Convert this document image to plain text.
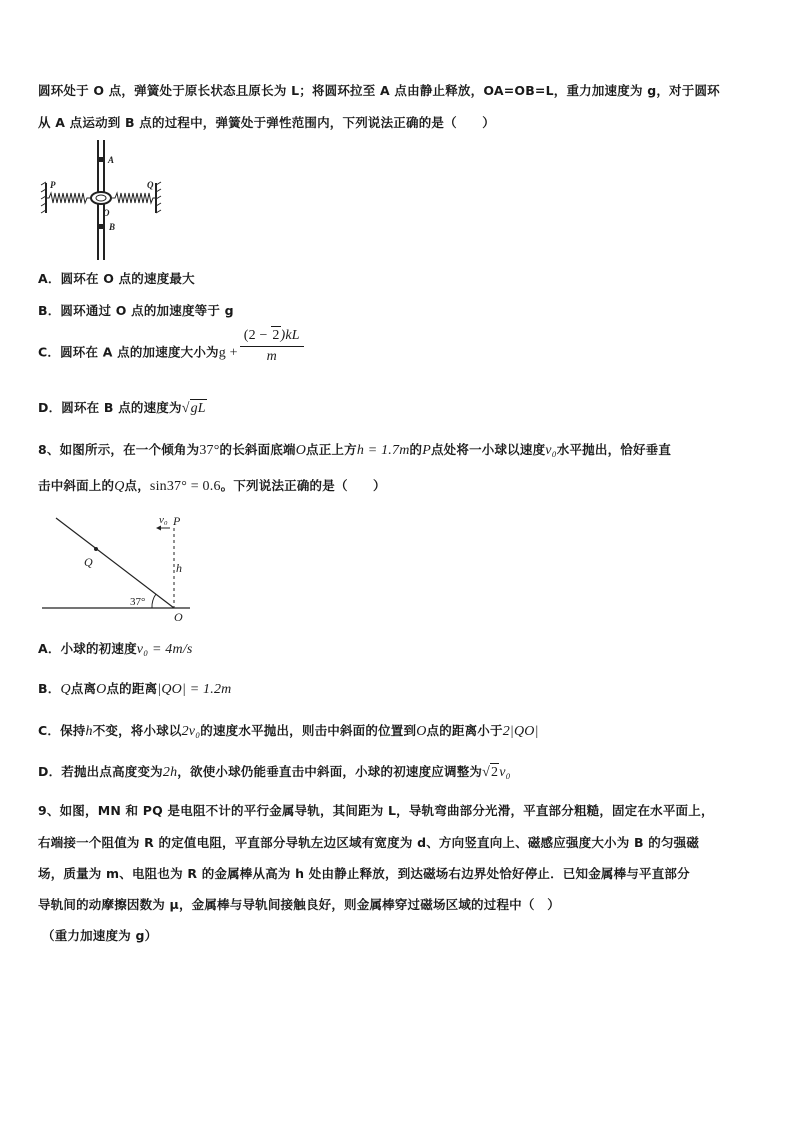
圆环处于 O 点，弹簧处于原长状态且原长为 L；将圆环拉至 A 点由静止释放，OA=OB=L，重力加速度为 g，对于圆环
从 A 点运动到 B 点的过程中，弹簧处于弹性范围内，下列说法正确的是（　　）
A
B
O
P	Q
A．圆环在 O 点的速度最大
B．圆环通过 O 点的加速度等于 g
C．圆环在 A 点的加速度大小为$g + \frac{(2 - 2)kL}{m}$
D．圆环在 B 点的速度为√gL
8、如图所示，在一个倾角为37°的长斜面底端O点正上方h = 1.7m的P点处将一小球以速度v₀水平抛出，恰好垂直
击中斜面上的Q点，sin37° = 0.6。下列说法正确的是（　　）
v₀ P
Q	h
37°
O
A．小球的初速度v₀ = 4m/s
B．Q点离O点的距离|QO| = 1.2m
C．保持h不变，将小球以2v₀的速度水平抛出，则击中斜面的位置到O点的距离小于2|QO|
D．若抛出点高度变为2h，欲使小球仍能垂直击中斜面，小球的初速度应调整为√2v₀
9、如图，MN 和 PQ 是电阻不计的平行金属导轨，其间距为 L，导轨弯曲部分光滑，平直部分粗糙，固定在水平面上，
右端接一个阻值为 R 的定值电阻，平直部分导轨左边区域有宽度为 d、方向竖直向上、磁感应强度大小为 B 的匀强磁
场，质量为 m、电阻也为 R 的金属棒从高为 h 处由静止释放，到达磁场右边界处恰好停止．已知金属棒与平直部分
导轨间的动摩擦因数为 μ，金属棒与导轨间接触良好，则金属棒穿过磁场区域的过程中（　）
（重力加速度为 g）
